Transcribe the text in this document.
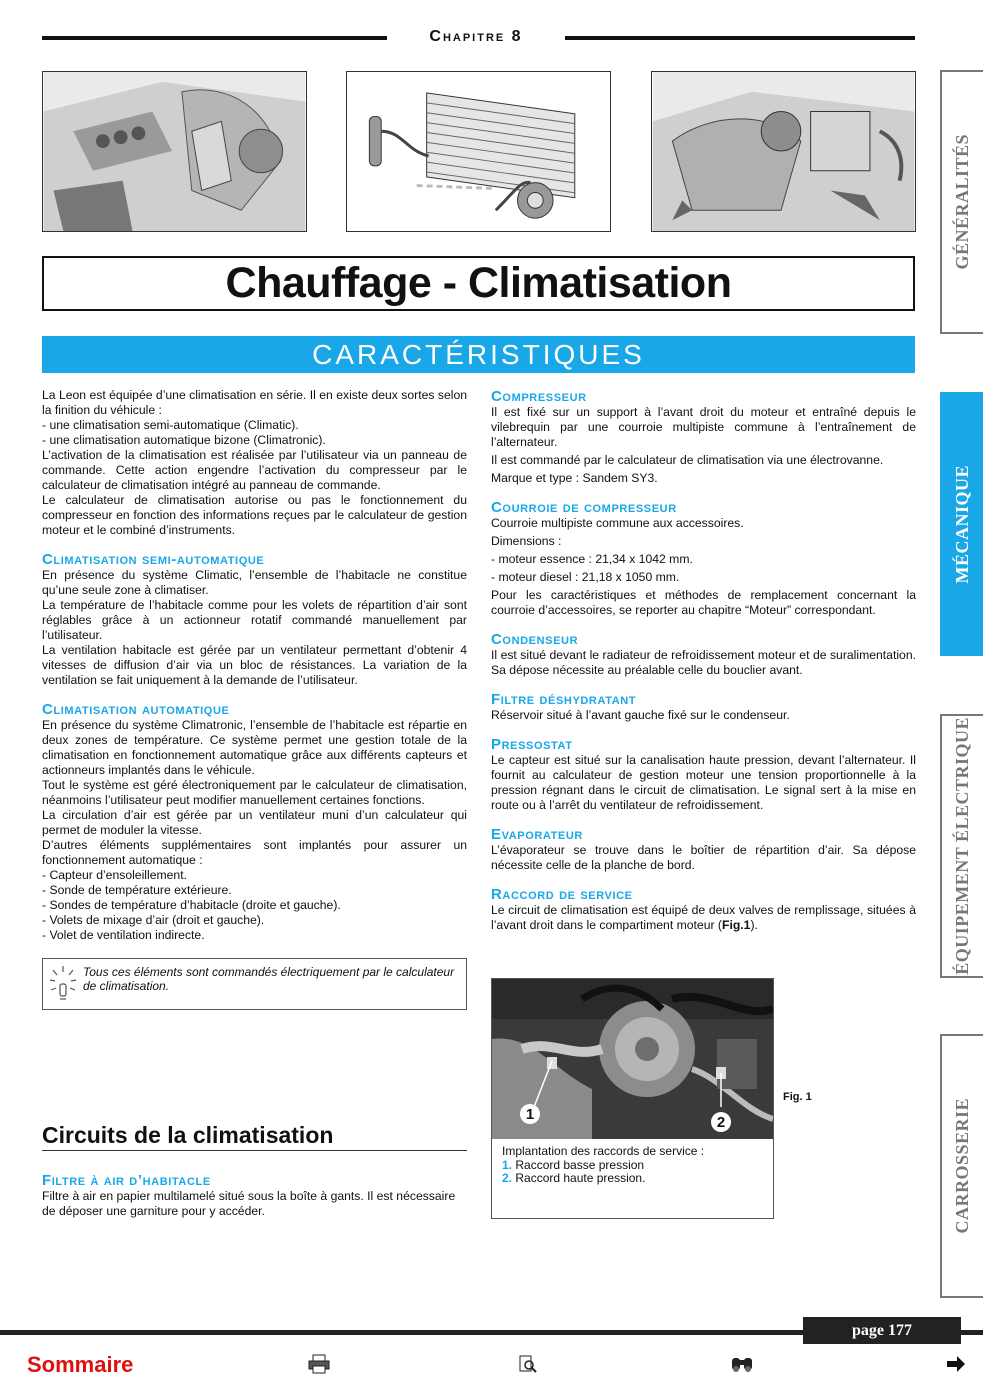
Chapitre 8
Chauffage - Climatisation
CARACTÉRISTIQUES
GÉNÉRALITÉS
MÉCANIQUE
ÉQUIPEMENT ÉLECTRIQUE
CARROSSERIE

La Leon est équipée d’une climatisation en série. Il en existe deux sortes selon la finition du véhicule :

- une climatisation semi-automatique (Climatic).

- une climatisation automatique bizone (Climatronic).

L’activation de la climatisation est réalisée par l’utilisateur via un panneau de commande. Cette action engendre l’activation du compresseur par le calculateur de climatisation intégré au panneau de commande.

Le calculateur de climatisation autorise ou pas le fonctionnement du compresseur en fonction des informations reçues par le calculateur de gestion moteur et le combiné d’instruments.

Climatisation semi-automatique

En présence du système Climatic, l’ensemble de l’habitacle ne constitue qu’une seule zone à climatiser.

La température de l’habitacle comme pour les volets de répartition d’air sont réglables grâce à un actionneur rotatif commandé manuellement par l’utilisateur.

La ventilation habitacle est gérée par un ventilateur permettant d’obtenir 4 vitesses de diffusion d’air via un bloc de résistances. La variation de la ventilation se fait uniquement à la demande de l’utilisateur.

Climatisation automatique

En présence du système Climatronic, l’ensemble de l’habitacle est répartie en deux zones de température. Ce système permet une gestion totale de la climatisation en fonctionnement automatique grâce aux différents capteurs et actionneurs implantés dans le véhicule.

Tout le système est géré électroniquement par le calculateur de climatisation, néanmoins l’utilisateur peut modifier manuellement certaines fonctions.

La circulation d’air est gérée par un ventilateur muni d’un calculateur qui permet de moduler la vitesse.

D’autres éléments supplémentaires sont implantés pour assurer un fonctionnement automatique :

- Capteur d’ensoleillement.

- Sonde de température extérieure.

- Sondes de température d’habitacle (droite et gauche).

- Volets de mixage d’air (droit et gauche).

- Volet de ventilation indirecte.

Tous ces éléments sont commandés électriquement par le calculateur de climatisation.
Circuits de la climatisation
Filtre à air d’habitacle

Filtre à air en papier multilamelé situé sous la boîte à gants. Il est nécessaire de déposer une garniture pour y accéder.

Compresseur

Il est fixé sur un support à l’avant droit du moteur et entraîné depuis le vilebrequin par une courroie multipiste commune à l’entraînement de l’alternateur.

Il est commandé par le calculateur de climatisation via une électrovanne.

Marque et type : Sandem SY3.

Courroie de compresseur

Courroie multipiste commune aux accessoires.

Dimensions :

- moteur essence : 21,34 x 1042 mm.

- moteur diesel : 21,18 x 1050 mm.

Pour les caractéristiques et méthodes de remplacement concernant la courroie d’accessoires, se reporter au chapitre “Moteur” correspondant.

Condenseur

Il est situé devant le radiateur de refroidissement moteur et de suralimentation. Sa dépose nécessite au préalable celle du bouclier avant.

Filtre déshydratant

Réservoir situé à l’avant gauche fixé sur le condenseur.

Pressostat

Le capteur est situé sur la canalisation haute pression, devant l’alternateur. Il fournit au calculateur de gestion moteur une tension proportionnelle à la pression régnant dans le circuit de climatisation. Le signal sert à la mise en route ou à l’arrêt du ventilateur de refroidissement.

Evaporateur

L’évaporateur se trouve dans le boîtier de répartition d’air. Sa dépose nécessite celle de la planche de bord.

Raccord de service

Le circuit de climatisation est équipé de deux valves de remplissage, situées à l’avant droit dans le compartiment moteur (Fig.1).

1	2
Implantation des raccords de service :
1. Raccord basse pression
2. Raccord haute pression.
Fig. 1
page 177
Sommaire
